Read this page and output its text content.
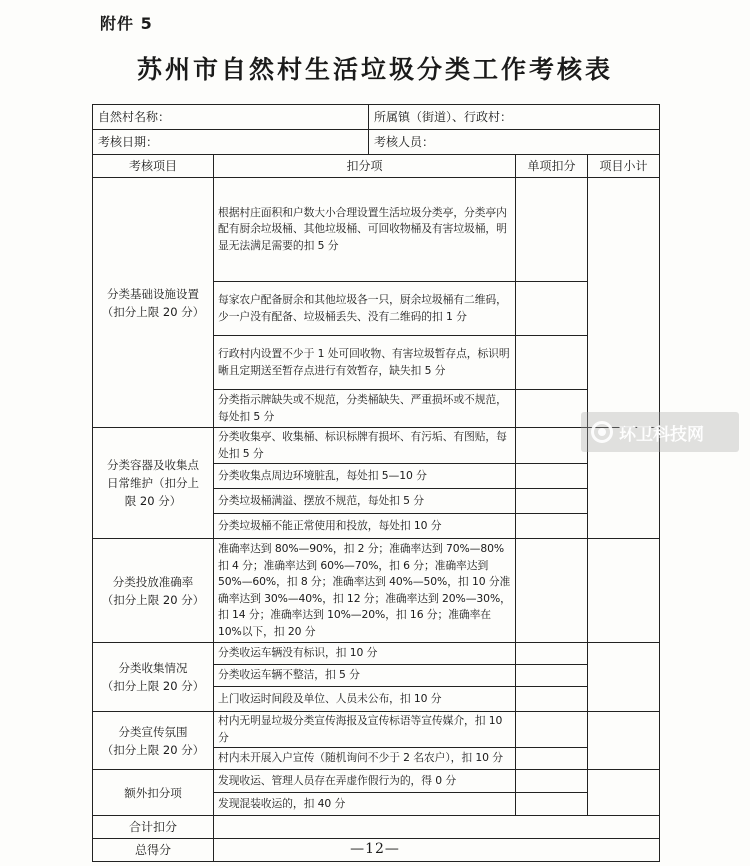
附件 5
苏州市自然村生活垃圾分类工作考核表
自然村名称：		所属镇（街道）、行政村：		
考核日期：		考核人员：		
考核项目	扣分项		单项扣分	项目小计
分类基础设施设置
（扣分上限 20 分）	根据村庄面积和户数大小合理设置生活垃圾分类亭，分类亭内配有厨余垃圾桶、其他垃圾桶、可回收物桶及有害垃圾桶，明显无法满足需要的扣 5 分			
	每家农户配备厨余和其他垃圾各一只，厨余垃圾桶有二维码，少一户没有配备、垃圾桶丢失、没有二维码的扣 1 分			
	行政村内设置不少于 1 处可回收物、有害垃圾暂存点，标识明晰且定期送至暂存点进行有效暂存，缺失扣 5 分			
	分类指示牌缺失或不规范，分类桶缺失、严重损坏或不规范，每处扣 5 分			
分类容器及收集点
日常维护（扣分上
限 20 分）	分类收集亭、收集桶、标识标牌有损坏、有污垢、有图贴，每处扣 5 分			
	分类收集点周边环境脏乱，每处扣 5—10 分			
	分类垃圾桶满溢、摆放不规范，每处扣 5 分			
	分类垃圾桶不能正常使用和投放，每处扣 10 分			
分类投放准确率
（扣分上限 20 分）	准确率达到 80%—90%，扣 2 分；准确率达到 70%—80%扣 4 分；准确率达到 60%—70%，扣 6 分；准确率达到 50%—60%，扣 8 分；准确率达到 40%—50%，扣 10 分准确率达到 30%—40%，扣 12 分；准确率达到 20%—30%，扣 14 分；准确率达到 10%—20%，扣 16 分；准确率在 10%以下，扣 20 分			
分类收集情况
（扣分上限 20 分）	分类收运车辆没有标识，扣 10 分			
	分类收运车辆不整洁，扣 5 分			
	上门收运时间段及单位、人员未公布，扣 10 分			
分类宣传氛围
（扣分上限 20 分）	村内无明显垃圾分类宣传海报及宣传标语等宣传媒介，扣 10 分			
	村内未开展入户宣传（随机询问不少于 2 名农户），扣 10 分			
额外扣分项	发现收运、管理人员存在弄虚作假行为的，得 0 分			
	发现混装收运的，扣 40 分			
合计扣分				
总得分				
环卫科技网
—12—
